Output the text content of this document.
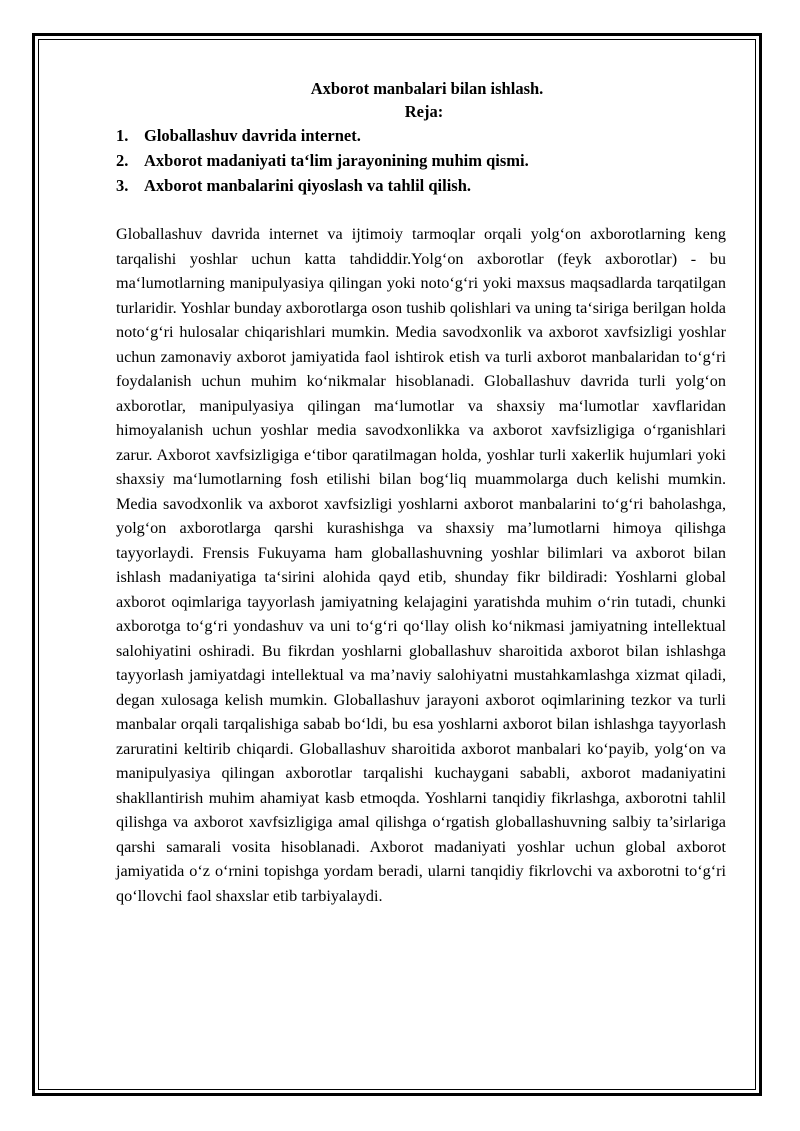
Axborot manbalari bilan ishlash.

Reja:

1. Globallashuv davrida internet.
2. Axborot madaniyati ta‘lim jarayonining muhim qismi.
3. Axborot manbalarini qiyoslash va tahlil qilish.

Globallashuv davrida internet va ijtimoiy tarmoqlar orqali yolg‘on axborotlarning keng tarqalishi yoshlar uchun katta tahdiddir.Yolg‘on axborotlar (feyk axborotlar) - bu ma‘lumotlarning manipulyasiya qilingan yoki noto‘g‘ri yoki maxsus maqsadlarda tarqatilgan turlaridir. Yoshlar bunday axborotlarga oson tushib qolishlari va uning ta‘siriga berilgan holda noto‘g‘ri hulosalar chiqarishlari mumkin. Media savodxonlik va axborot xavfsizligi yoshlar uchun zamonaviy axborot jamiyatida faol ishtirok etish va turli axborot manbalaridan to‘g‘ri foydalanish uchun muhim ko‘nikmalar hisoblanadi. Globallashuv davrida turli yolg‘on axborotlar, manipulyasiya qilingan ma‘lumotlar va shaxsiy ma‘lumotlar xavflaridan himoyalanish uchun yoshlar media savodxonlikka va axborot xavfsizligiga o‘rganishlari zarur. Axborot xavfsizligiga e‘tibor qaratilmagan holda, yoshlar turli xakerlik hujumlari yoki shaxsiy ma‘lumotlarning fosh etilishi bilan bog‘liq muammolarga duch kelishi mumkin. Media savodxonlik va axborot xavfsizligi yoshlarni axborot manbalarini to‘g‘ri baholashga, yolg‘on axborotlarga qarshi kurashishga va shaxsiy ma’lumotlarni himoya qilishga tayyorlaydi. Frensis Fukuyama ham globallashuvning yoshlar bilimlari va axborot bilan ishlash madaniyatiga ta‘sirini alohida qayd etib, shunday fikr bildiradi: Yoshlarni global axborot oqimlariga tayyorlash jamiyatning kelajagini yaratishda muhim o‘rin tutadi, chunki axborotga to‘g‘ri yondashuv va uni to‘g‘ri qo‘llay olish ko‘nikmasi jamiyatning intellektual salohiyatini oshiradi. Bu fikrdan yoshlarni globallashuv sharoitida axborot bilan ishlashga tayyorlash jamiyatdagi intellektual va ma’naviy salohiyatni mustahkamlashga xizmat qiladi, degan xulosaga kelish mumkin. Globallashuv jarayoni axborot oqimlarining tezkor va turli manbalar orqali tarqalishiga sabab bo‘ldi, bu esa yoshlarni axborot bilan ishlashga tayyorlash zaruratini keltirib chiqardi. Globallashuv sharoitida axborot manbalari ko‘payib, yolg‘on va manipulyasiya qilingan axborotlar tarqalishi kuchaygani sababli, axborot madaniyatini shakllantirish muhim ahamiyat kasb etmoqda. Yoshlarni tanqidiy fikrlashga, axborotni tahlil qilishga va axborot xavfsizligiga amal qilishga o‘rgatish globallashuvning salbiy ta’sirlariga qarshi samarali vosita hisoblanadi. Axborot madaniyati yoshlar uchun global axborot jamiyatida o‘z o‘rnini topishga yordam beradi, ularni tanqidiy fikrlovchi va axborotni to‘g‘ri qo‘llovchi faol shaxslar etib tarbiyalaydi.
